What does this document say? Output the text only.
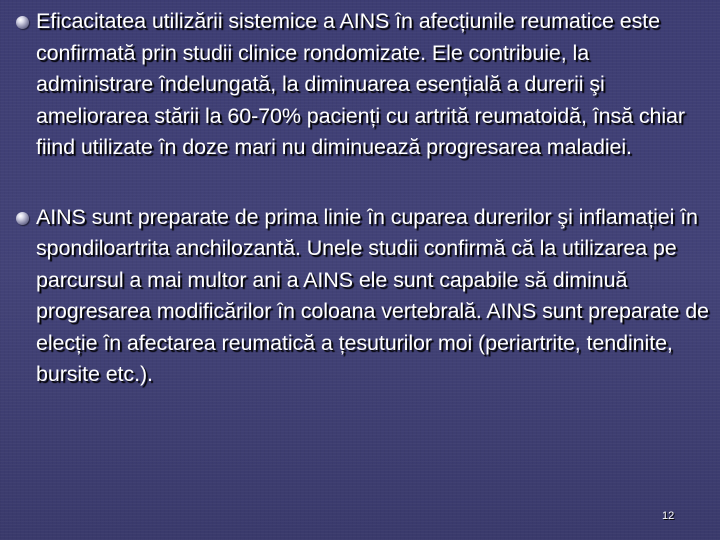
Eficacitatea utilizării sistemice a AINS în afecțiunile reumatice este confirmată prin studii clinice rondomizate. Ele contribuie, la administrare îndelungată, la diminuarea esențială a durerii şi ameliorarea stării la 60-70% pacienți cu artrită reumatoidă, însă chiar fiind utilizate în doze mari nu diminuează progresarea maladiei.
AINS sunt preparate de prima linie în cuparea durerilor şi inflamației în spondiloartrita anchilozantă. Unele studii confirmă că la utilizarea pe parcursul a mai multor ani a AINS ele sunt capabile să diminuă progresarea modificărilor în coloana vertebrală. AINS sunt preparate de elecție în afectarea reumatică a țesuturilor moi (periartrite, tendinite, bursite etc.).
12
